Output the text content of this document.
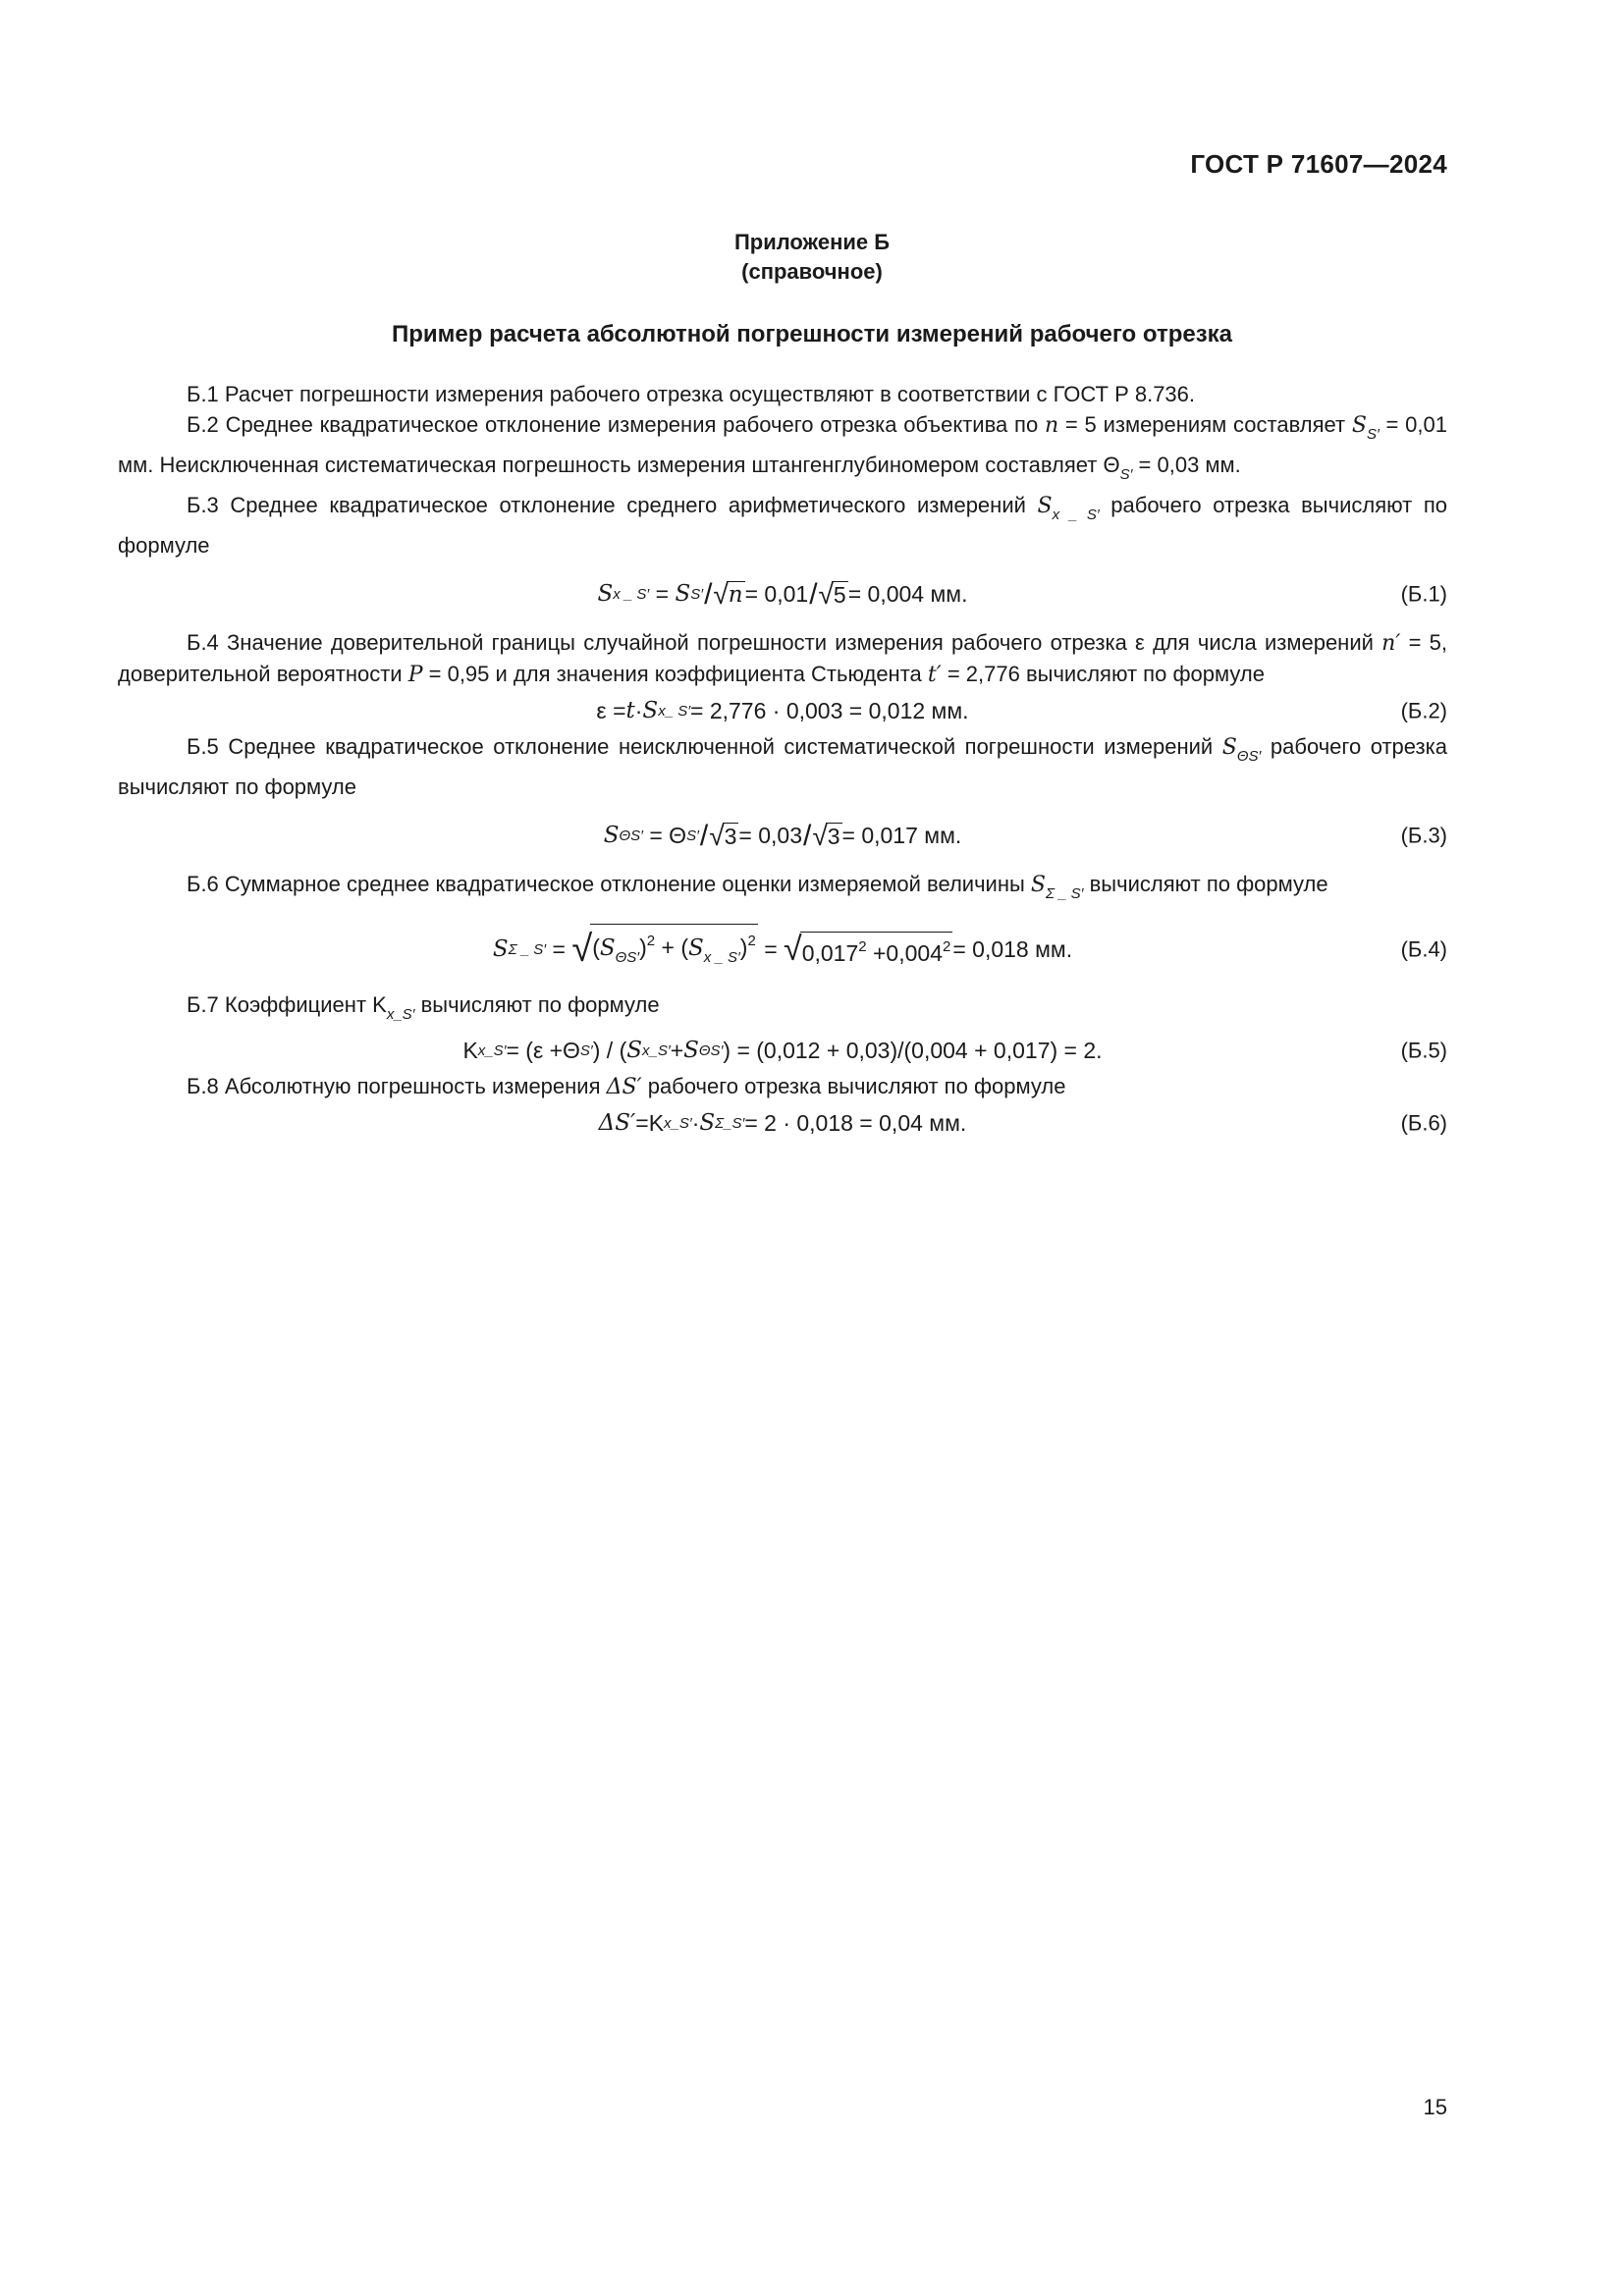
ГОСТ Р 71607—2024
Приложение Б
(справочное)
Пример расчета абсолютной погрешности измерений рабочего отрезка

Б.1 Расчет погрешности измерения рабочего отрезка осуществляют в соответствии с ГОСТ Р 8.736.

Б.2 Среднее квадратическое отклонение измерения рабочего отрезка объектива по n = 5 измерениям составляет $S_{S'} = 0,01$ мм. Неисключенная систематическая погрешность измерения штангенглубиномером составляет $\Theta_{S'} = 0,03$ мм.

Б.3 Среднее квадратическое отклонение среднего арифметического измерений $S_{x \_ S'}$ рабочего отрезка вычисляют по формуле

S x _ S′
=
S S′ / √ n = 0,01 / √ 5 = 0,004 мм.	(Б.1)

Б.4 Значение доверительной границы случайной погрешности измерения рабочего отрезка ε для числа измерений n′ = 5, доверительной вероятности P = 0,95 и для значения коэффициента Стьюдента t′ = 2,776 вычисляют по формуле

ε = t · S x_ S′ = 2,776 · 0,003 = 0,012 мм.	(Б.2)

Б.5 Среднее квадратическое отклонение неисключенной систематической погрешности измерений $S_{\Theta S'}$ рабочего отрезка вычисляют по формуле

S ΘS′
=
Θ S′ / √ 3 = 0,03 / √ 3 = 0,017 мм.	(Б.3)

Б.6 Суммарное среднее квадратическое отклонение оценки измеряемой величины $S_{\Sigma \_ S'}$ вычисляют по формуле

S Σ _ S′
=
√ $(S_{\Theta S'})^2 + (S_{x \_ S'})^2$
=
√ $0,017^2 +0,004^2 = 0,018$ мм.	(Б.4)

Б.7 Коэффициент $K_{x\_S'}$ вычисляют по формуле

K x_S′ = (ε + Θ S′ ) / ( S x_S′ + S ΘS′ ) = (0,012 + 0,03)/(0,004 + 0,017) = 2.	(Б.5)

Б.8 Абсолютную погрешность измерения ΔS′ рабочего отрезка вычисляют по формуле

ΔS′ = K x_S′ · S Σ_S′ = 2 · 0,018 = 0,04 мм.	(Б.6)
15
